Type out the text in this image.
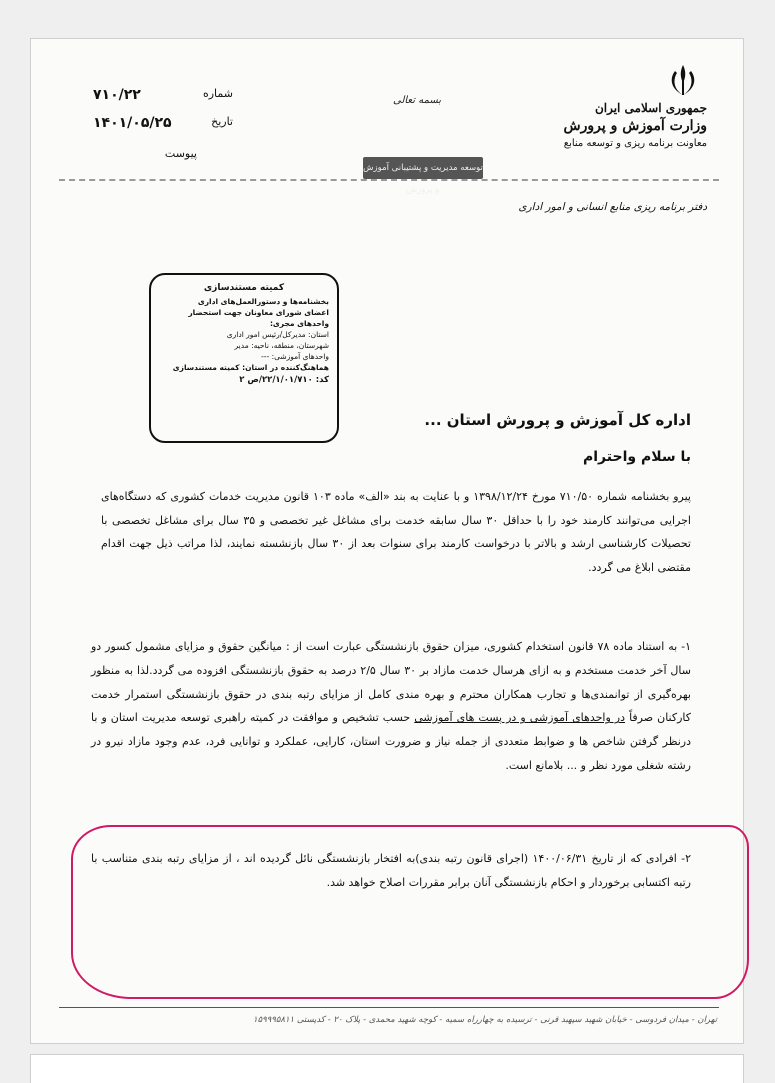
جمهوری اسلامی ایران
وزارت آموزش و پرورش
معاونت برنامه ریزی و توسعه منابع
دفتر برنامه ریزی منابع انسانی و امور اداری
بسمه تعالی
توسعه مدیریت و پشتیبانی آموزش و پرورش
۷۱۰/۲۲	شماره
۱۴۰۱/۰۵/۲۵	تاریخ
پیوست
کمیته مستندسازی
بخشنامه‌ها و دستورالعمل‌های اداری
اعضای شورای معاونان جهت استحضار
واحدهای مجری:
استان: مدیرکل/رئیس امور اداری
شهرستان، منطقه، ناحیه: مدیر
واحدهای آموزشی: ---
هماهنگ‌کننده در استان: کمیته مستندسازی
کد: ۲۲/۱/۰۱/۷۱۰/ص ۲
اداره کل آموزش و پرورش استان ...
با سلام واحترام
پیرو بخشنامه شماره ۷۱۰/۵۰ مورخ ۱۳۹۸/۱۲/۲۴ و با عنایت به بند «الف» ماده ۱۰۳ قانون مدیریت خدمات کشوری که دستگاه‌های اجرایی می‌توانند کارمند خود را با حداقل ۳۰ سال سابقه خدمت برای مشاغل غیر تخصصی و ۳۵ سال برای مشاغل تخصصی با تحصیلات کارشناسی ارشد و بالاتر با درخواست کارمند برای سنوات بعد از ۳۰ سال بازنشسته نمایند، لذا مراتب ذیل جهت اقدام مقتضی ابلاغ می گردد.
۱- به استناد ماده ۷۸ قانون استخدام کشوری، میزان حقوق بازنشستگی عبارت است از : میانگین حقوق و مزایای مشمول کسور دو سال آخر خدمت مستخدم و به ازای هرسال خدمت مازاد بر ۳۰ سال ۲/۵ درصد به حقوق بازنشستگی افزوده می گردد.لذا به منظور بهره‌گیری از توانمندی‌ها و تجارب همکاران محترم و بهره مندی کامل از مزایای رتبه بندی در حقوق بازنشستگی استمرار خدمت کارکنان صرفاً در واحدهای آموزشی و در پست های آموزشی حسب تشخیص و موافقت در کمیته راهبری توسعه مدیریت استان و با درنظر گرفتن شاخص ها و ضوابط متعددی از جمله نیاز و ضرورت استان، کارایی، عملکرد و توانایی فرد، عدم وجود مازاد نیرو در رشته شغلی مورد نظر و ... بلامانع است.
۲- افرادی که از تاریخ ۱۴۰۰/۰۶/۳۱ (اجرای قانون رتبه بندی)به افتخار بازنشستگی نائل گردیده اند ، از مزایای رتبه بندی متناسب با رتبه اکتسابی برخوردار و احکام بازنشستگی آنان برابر مقررات اصلاح خواهد شد.
تهران - میدان فردوسی - خیابان شهید سپهبد قرنی - ترسیده به چهارراه سمیه - کوچه شهید محمدی - پلاک ۲۰ - کدپستی ۱۵۹۹۹۵۸۱۱
